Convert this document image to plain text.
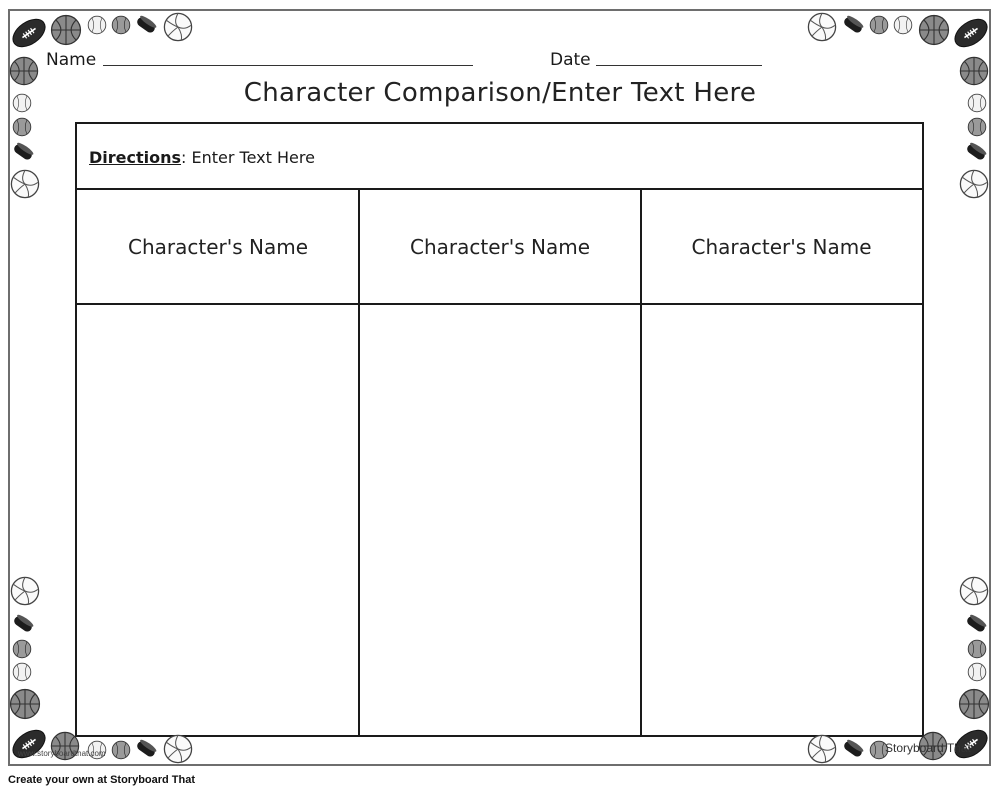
Name	Date
Character Comparison/Enter Text Here
Directions: Enter Text Here
Character's Name	Character's Name	Character's Name
www.storyboardthat.com	Storyboard That
Create your own at Storyboard That
